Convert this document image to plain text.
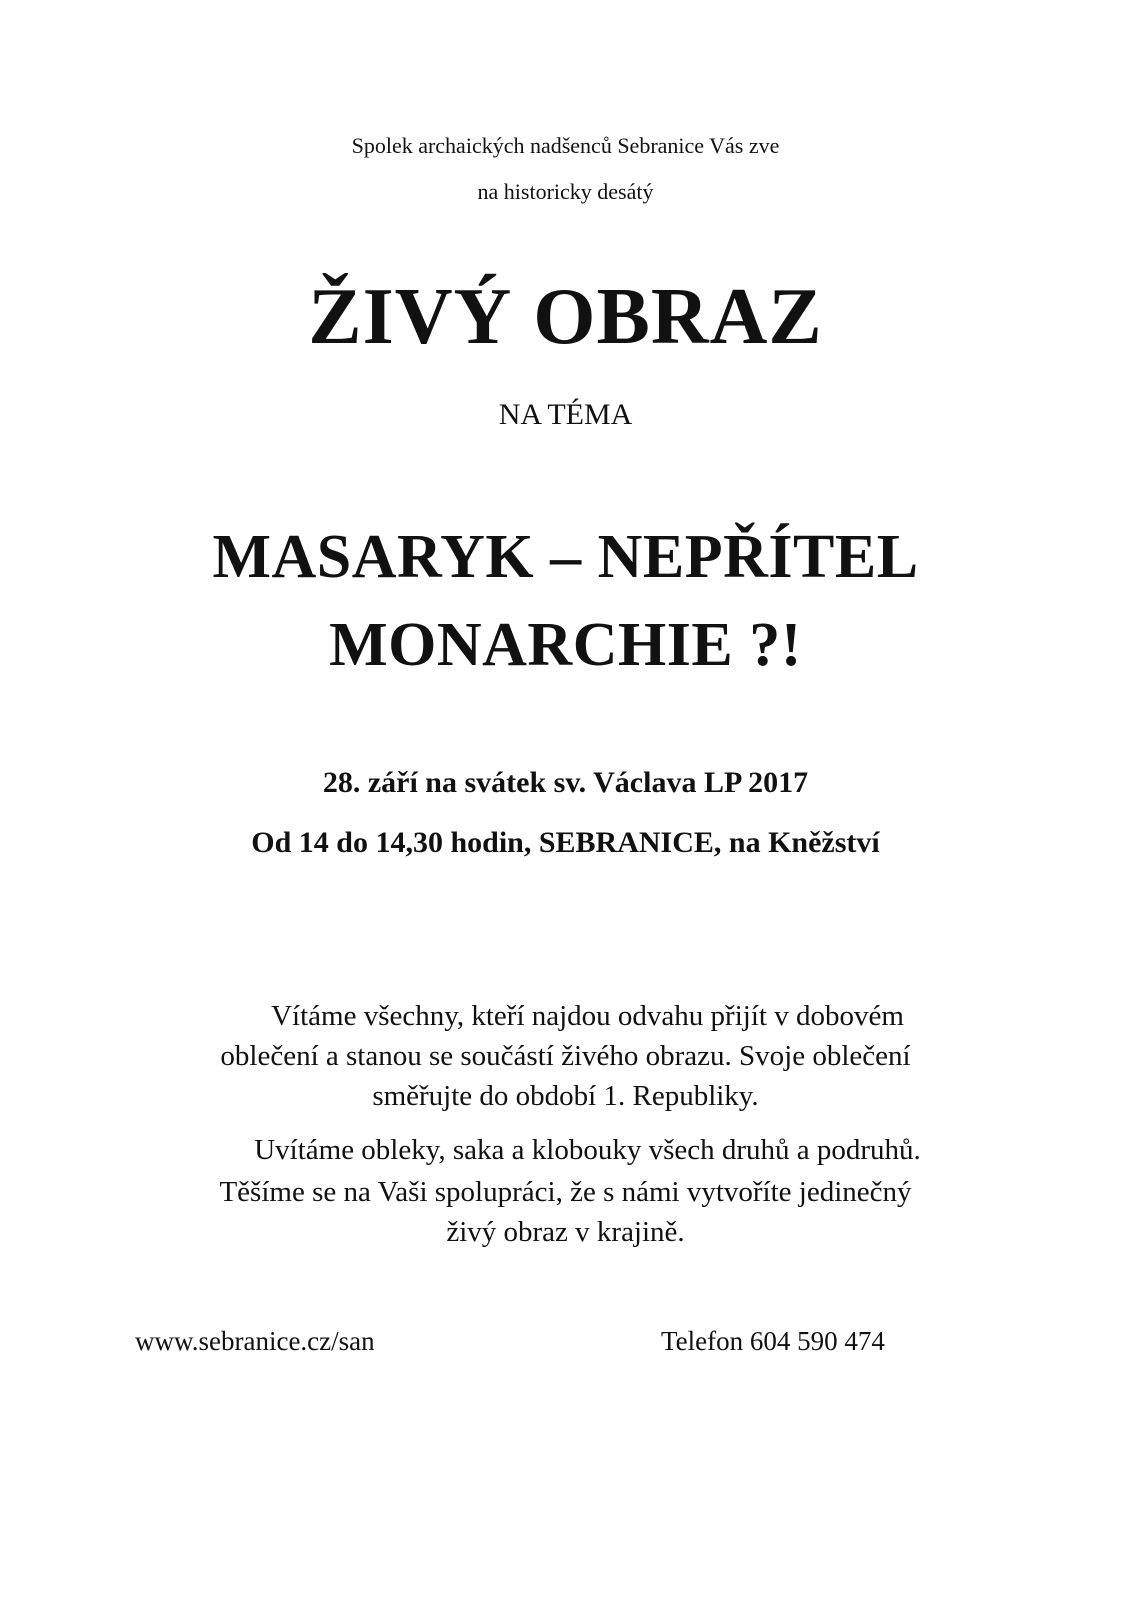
Spolek archaických nadšenců Sebranice Vás zve

na historicky desátý

ŽIVÝ OBRAZ

NA TÉMA

MASARYK – NEPŘÍTEL

MONARCHIE ?!

28. září na svátek sv. Václava LP 2017

Od 14 do 14,30 hodin, SEBRANICE, na Kněžství

Vítáme všechny, kteří najdou odvahu přijít v dobovém

oblečení a stanou se součástí živého obrazu. Svoje oblečení

směřujte do období 1. Republiky.

Uvítáme obleky, saka a klobouky všech druhů a podruhů.

Těšíme se na Vaši spolupráci, že s námi vytvoříte jedinečný

živý obraz v krajině.

www.sebranice.cz/san	Telefon 604 590 474
